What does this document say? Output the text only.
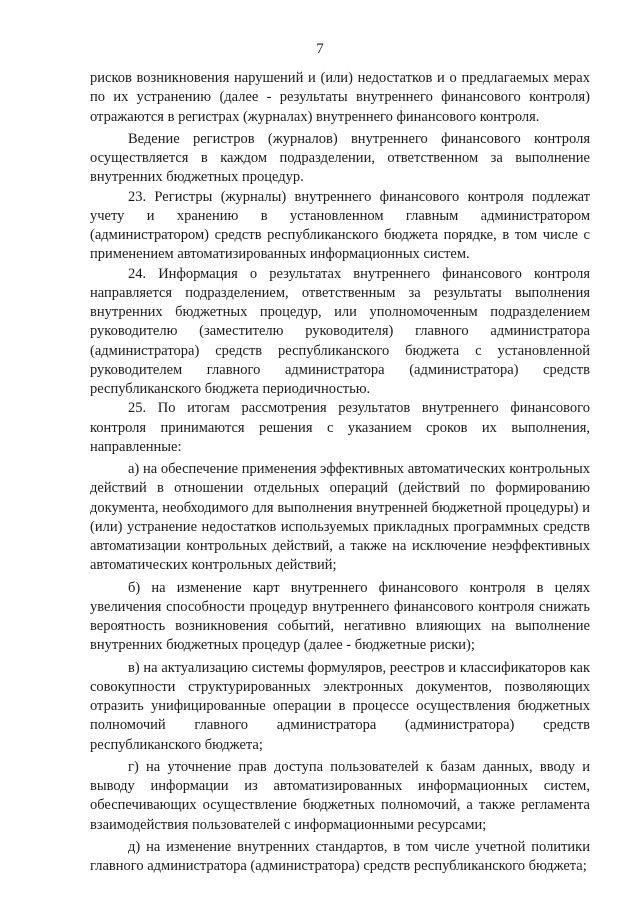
7

рисков возникновения нарушений и (или) недостатков и о предлагаемых мерах по их устранению (далее - результаты внутреннего финансового контроля) отражаются в регистрах (журналах) внутреннего финансового контроля.

Ведение регистров (журналов) внутреннего финансового контроля осуществляется в каждом подразделении, ответственном за выполнение внутренних бюджетных процедур.

23. Регистры (журналы) внутреннего финансового контроля подлежат учету и хранению в установленном главным администратором (администратором) средств республиканского бюджета порядке, в том числе с применением автоматизированных информационных систем.

24. Информация о результатах внутреннего финансового контроля направляется подразделением, ответственным за результаты выполнения внутренних бюджетных процедур, или уполномоченным подразделением руководителю (заместителю руководителя) главного администратора (администратора) средств республиканского бюджета с установленной руководителем главного администратора (администратора) средств республиканского бюджета периодичностью.

25. По итогам рассмотрения результатов внутреннего финансового контроля принимаются решения с указанием сроков их выполнения, направленные:

а) на обеспечение применения эффективных автоматических контрольных действий в отношении отдельных операций (действий по формированию документа, необходимого для выполнения внутренней бюджетной процедуры) и (или) устранение недостатков используемых прикладных программных средств автоматизации контрольных действий, а также на исключение неэффективных автоматических контрольных действий;

б) на изменение карт внутреннего финансового контроля в целях увеличения способности процедур внутреннего финансового контроля снижать вероятность возникновения событий, негативно влияющих на выполнение внутренних бюджетных процедур (далее - бюджетные риски);

в) на актуализацию системы формуляров, реестров и классификаторов как совокупности структурированных электронных документов, позволяющих отразить унифицированные операции в процессе осуществления бюджетных полномочий главного администратора (администратора) средств республиканского бюджета;

г) на уточнение прав доступа пользователей к базам данных, вводу и выводу информации из автоматизированных информационных систем, обеспечивающих осуществление бюджетных полномочий, а также регламента взаимодействия пользователей с информационными ресурсами;

д) на изменение внутренних стандартов, в том числе учетной политики главного администратора (администратора) средств республиканского бюджета;
